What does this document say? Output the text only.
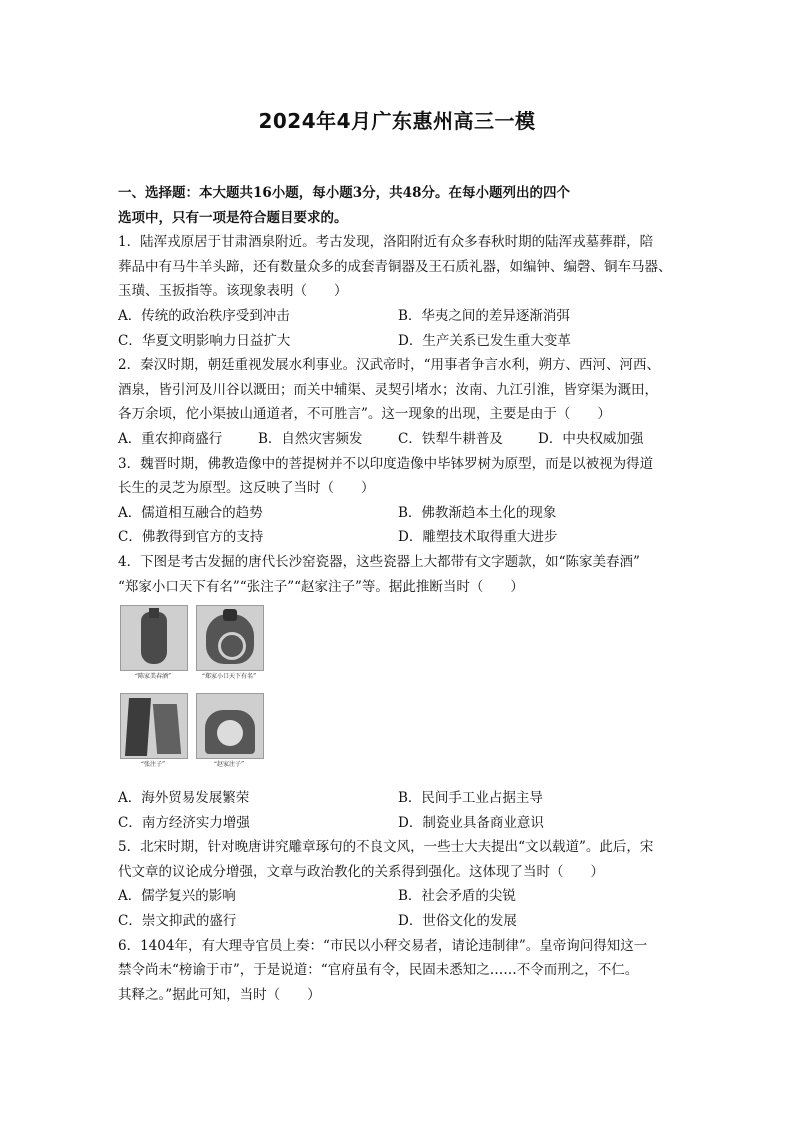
2024年4月广东惠州高三一模
一、选择题：本大题共16小题，每小题3分，共48分。在每小题列出的四个
选项中，只有一项是符合题目要求的。
1．陆浑戎原居于甘肃酒泉附近。考古发现，洛阳附近有众多春秋时期的陆浑戎墓葬群，陪
葬品中有马牛羊头蹄，还有数量众多的成套青铜器及王石质礼器，如编钟、编磬、铜车马器、
玉璜、玉扳指等。该现象表明（　　）
A．传统的政治秩序受到冲击	B．华夷之间的差异逐渐消弭
C．华夏文明影响力日益扩大	D．生产关系已发生重大变革
2．秦汉时期，朝廷重视发展水利事业。汉武帝时，“用事者争言水利，朔方、西河、河西、
酒泉，皆引河及川谷以溉田；而关中辅渠、灵契引堵水；汝南、九江引淮，皆穿渠为溉田，
各万余顷，佗小渠披山通道者，不可胜言”。这一现象的出现，主要是由于（　　）
A．重农抑商盛行	B．自然灾害频发	C．铁犁牛耕普及	D．中央权威加强
3．魏晋时期，佛教造像中的菩提树并不以印度造像中毕钵罗树为原型，而是以被视为得道
长生的灵芝为原型。这反映了当时（　　）
A．儒道相互融合的趋势	B．佛教渐趋本土化的现象
C．佛教得到官方的支持	D．雕塑技术取得重大进步
4．下图是考古发掘的唐代长沙窑瓷器，这些瓷器上大都带有文字题款，如“陈家美春酒”
“郑家小口天下有名”“张注子”“赵家注子”等。据此推断当时（　　）
“陈家美春酒”	“郑家小口天下有名”
“张注子”	“赵家注子”
A．海外贸易发展繁荣	B．民间手工业占据主导
C．南方经济实力增强	D．制瓷业具备商业意识
5．北宋时期，针对晚唐讲究雕章琢句的不良文风，一些士大夫提出“文以载道”。此后，宋
代文章的议论成分增强，文章与政治教化的关系得到强化。这体现了当时（　　）
A．儒学复兴的影响	B．社会矛盾的尖锐
C．崇文抑武的盛行	D．世俗文化的发展
6．1404年，有大理寺官员上奏：“市民以小秤交易者，请论违制律”。皇帝询问得知这一
禁令尚未“榜谕于市”，于是说道：“官府虽有令，民固未悉知之……不令而刑之，不仁。
其释之。”据此可知，当时（　　）
